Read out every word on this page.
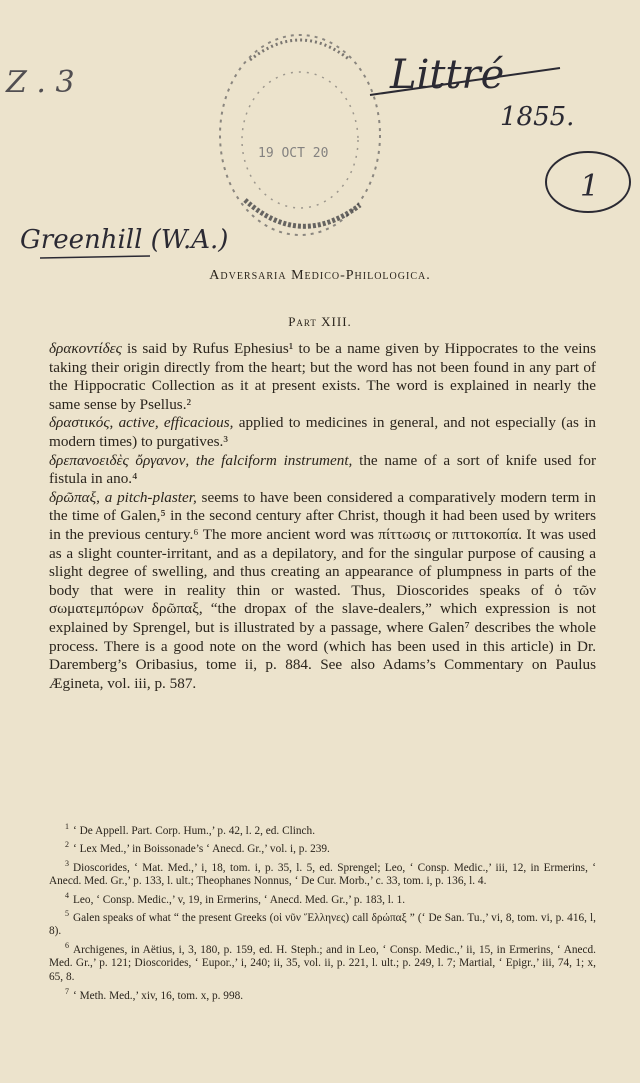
19 OCT 20
Z . 3	Littré
1855.
1
Greenhill (W.A.)
Adversaria Medico-Philologica.
Part XIII.

δρακοντίδες is said by Rufus Ephesius¹ to be a name given by Hippocrates to the veins taking their origin directly from the heart; but the word has not been found in any part of the Hippocratic Collection as it at present exists. The word is explained in nearly the same sense by Psellus.²

δραστικός, active, efficacious, applied to medicines in general, and not especially (as in modern times) to purgatives.³

δρεπανοειδὲς ὄργανον, the falciform instrument, the name of a sort of knife used for fistula in ano.⁴

δρῶπαξ, a pitch-plaster, seems to have been considered a comparatively modern term in the time of Galen,⁵ in the second century after Christ, though it had been used by writers in the previous century.⁶ The more ancient word was πίττωσις or πιττοκοπία. It was used as a slight counter-irritant, and as a depilatory, and for the singular purpose of causing a slight degree of swelling, and thus creating an appearance of plumpness in parts of the body that were in reality thin or wasted. Thus, Dioscorides speaks of ὁ τῶν σωματεμπόρων δρῶπαξ, “the dropax of the slave-dealers,” which expression is not explained by Sprengel, but is illustrated by a passage, where Galen⁷ describes the whole process. There is a good note on the word (which has been used in this article) in Dr. Daremberg’s Oribasius, tome ii, p. 884. See also Adams’s Commentary on Paulus Ægineta, vol. iii, p. 587.

$^1$ ‘ De Appell. Part. Corp. Hum.,’ p. 42, l. 2, ed. Clinch.

$^2$ ‘ Lex Med.,’ in Boissonade’s ‘ Anecd. Gr.,’ vol. i, p. 239.

$^3$ Dioscorides, ‘ Mat. Med.,’ i, 18, tom. i, p. 35, l. 5, ed. Sprengel; Leo, ‘ Consp. Medic.,’ iii, 12, in Ermerins, ‘ Anecd. Med. Gr.,’ p. 133, l. ult.; Theophanes Nonnus, ‘ De Cur. Morb.,’ c. 33, tom. i, p. 136, l. 4.

$^4$ Leo, ‘ Consp. Medic.,’ v, 19, in Ermerins, ‘ Anecd. Med. Gr.,’ p. 183, l. 1.

$^5$ Galen speaks of what “ the present Greeks (οἱ νῦν Ἕλληνες) call δρώπαξ ” (‘ De San. Tu.,’ vi, 8, tom. vi, p. 416, l, 8).

$^6$ Archigenes, in Aëtius, i, 3, 180, p. 159, ed. H. Steph.; and in Leo, ‘ Consp. Medic.,’ ii, 15, in Ermerins, ‘ Anecd. Med. Gr.,’ p. 121; Dioscorides, ‘ Eupor.,’ i, 240; ii, 35, vol. ii, p. 221, l. ult.; p. 249, l. 7; Martial, ‘ Epigr.,’ iii, 74, 1; x, 65, 8.

$^7$ ‘ Meth. Med.,’ xiv, 16, tom. x, p. 998.
